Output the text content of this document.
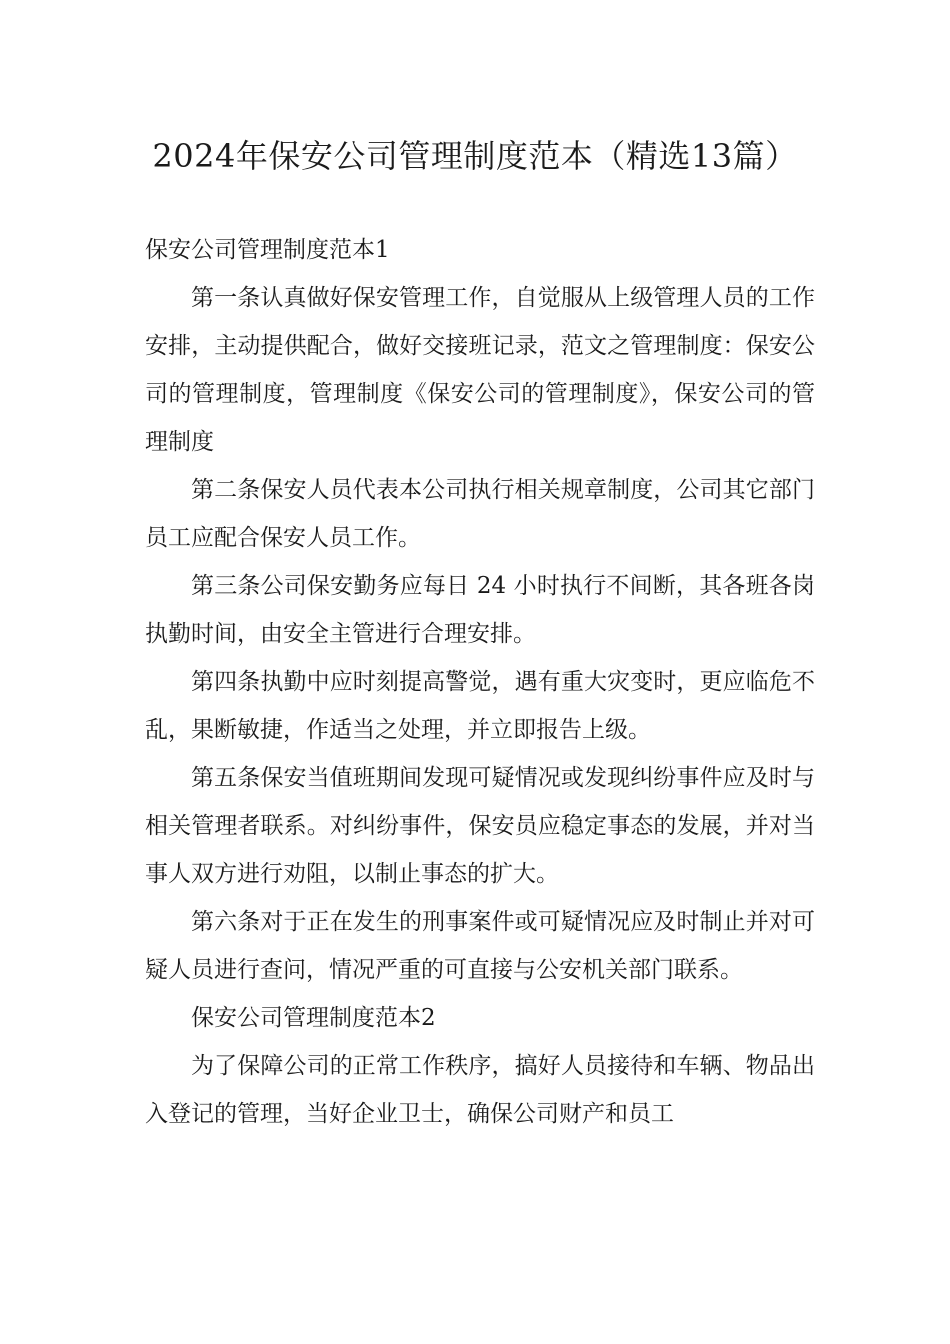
2024年保安公司管理制度范本（精选13篇）
保安公司管理制度范本1

第一条认真做好保安管理工作，自觉服从上级管理人员的工作安排，主动提供配合，做好交接班记录，范文之管理制度：保安公司的管理制度，管理制度《保安公司的管理制度》，保安公司的管理制度

第二条保安人员代表本公司执行相关规章制度，公司其它部门员工应配合保安人员工作。

第三条公司保安勤务应每日 24 小时执行不间断，其各班各岗执勤时间，由安全主管进行合理安排。

第四条执勤中应时刻提高警觉，遇有重大灾变时，更应临危不乱，果断敏捷，作适当之处理，并立即报告上级。

第五条保安当值班期间发现可疑情况或发现纠纷事件应及时与相关管理者联系。对纠纷事件，保安员应稳定事态的发展，并对当事人双方进行劝阻，以制止事态的扩大。

第六条对于正在发生的刑事案件或可疑情况应及时制止并对可疑人员进行查问，情况严重的可直接与公安机关部门联系。

保安公司管理制度范本2

为了保障公司的正常工作秩序，搞好人员接待和车辆、物品出入登记的管理，当好企业卫士，确保公司财产和员工
